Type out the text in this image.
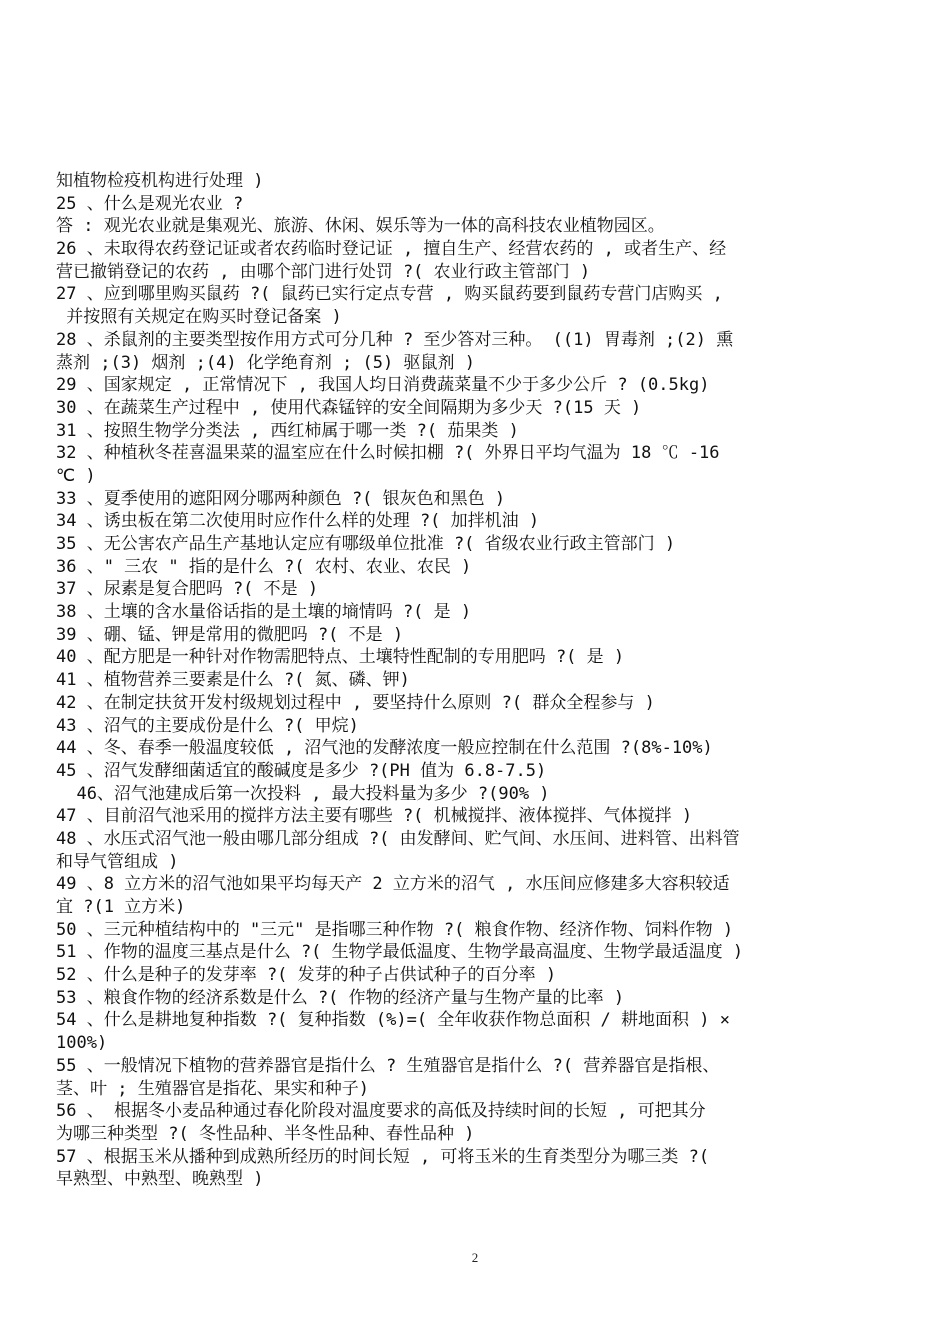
知植物检疫机构进行处理 )
25 、什么是观光农业 ?
答 : 观光农业就是集观光、旅游、休闲、娱乐等为一体的高科技农业植物园区。
26 、未取得农药登记证或者农药临时登记证 , 擅自生产、经营农药的 , 或者生产、经
营已撤销登记的农药 , 由哪个部门进行处罚 ?( 农业行政主管部门 )
27 、应到哪里购买鼠药 ?( 鼠药已实行定点专营 , 购买鼠药要到鼠药专营门店购买 ,
并按照有关规定在购买时登记备案 )
28 、杀鼠剂的主要类型按作用方式可分几种 ? 至少答对三种。 ((1) 胃毒剂 ;(2) 熏
蒸剂 ;(3) 烟剂 ;(4) 化学绝育剂 ; (5) 驱鼠剂 )
29 、国家规定 , 正常情况下 , 我国人均日消费蔬菜量不少于多少公斤 ? (0.5kg)
30 、在蔬菜生产过程中 , 使用代森锰锌的安全间隔期为多少天 ?(15 天 )
31 、按照生物学分类法 , 西红柿属于哪一类 ?( 茄果类 )
32 、种植秋冬茬喜温果菜的温室应在什么时候扣棚 ?( 外界日平均气温为 18 ℃ -16
℃ )
33 、夏季使用的遮阳网分哪两种颜色 ?( 银灰色和黑色 )
34 、诱虫板在第二次使用时应作什么样的处理 ?( 加拌机油 )
35 、无公害农产品生产基地认定应有哪级单位批准 ?( 省级农业行政主管部门 )
36 、" 三农 " 指的是什么 ?( 农村、农业、农民 )
37 、尿素是复合肥吗 ?( 不是 )
38 、土壤的含水量俗话指的是土壤的墒情吗 ?( 是 )
39 、硼、锰、钾是常用的微肥吗 ?( 不是 )
40 、配方肥是一种针对作物需肥特点、土壤特性配制的专用肥吗 ?( 是 )
41 、植物营养三要素是什么 ?( 氮、磷、钾)
42 、在制定扶贫开发村级规划过程中 , 要坚持什么原则 ?( 群众全程参与 )
43 、沼气的主要成份是什么 ?( 甲烷)
44 、冬、春季一般温度较低 , 沼气池的发酵浓度一般应控制在什么范围 ?(8%-10%)
45 、沼气发酵细菌适宜的酸碱度是多少 ?(PH 值为 6.8-7.5)
46、沼气池建成后第一次投料 , 最大投料量为多少 ?(90% )
47 、目前沼气池采用的搅拌方法主要有哪些 ?( 机械搅拌、液体搅拌、气体搅拌 )
48 、水压式沼气池一般由哪几部分组成 ?( 由发酵间、贮气间、水压间、进料管、出料管
和导气管组成 )
49 、8 立方米的沼气池如果平均每天产 2 立方米的沼气 , 水压间应修建多大容积较适
宜 ?(1 立方米)
50 、三元种植结构中的 "三元" 是指哪三种作物 ?( 粮食作物、经济作物、饲料作物 )
51 、作物的温度三基点是什么 ?( 生物学最低温度、生物学最高温度、生物学最适温度 )
52 、什么是种子的发芽率 ?( 发芽的种子占供试种子的百分率 )
53 、粮食作物的经济系数是什么 ?( 作物的经济产量与生物产量的比率 )
54 、什么是耕地复种指数 ?( 复种指数 (%)=( 全年收获作物总面积 / 耕地面积 ) ×
100%)
55 、一般情况下植物的营养器官是指什么 ? 生殖器官是指什么 ?( 营养器官是指根、
茎、叶 ; 生殖器官是指花、果实和种子)
56 、 根据冬小麦品种通过春化阶段对温度要求的高低及持续时间的长短 , 可把其分
为哪三种类型 ?( 冬性品种、半冬性品种、春性品种 )
57 、根据玉米从播种到成熟所经历的时间长短 , 可将玉米的生育类型分为哪三类 ?(
早熟型、中熟型、晚熟型 )
2
